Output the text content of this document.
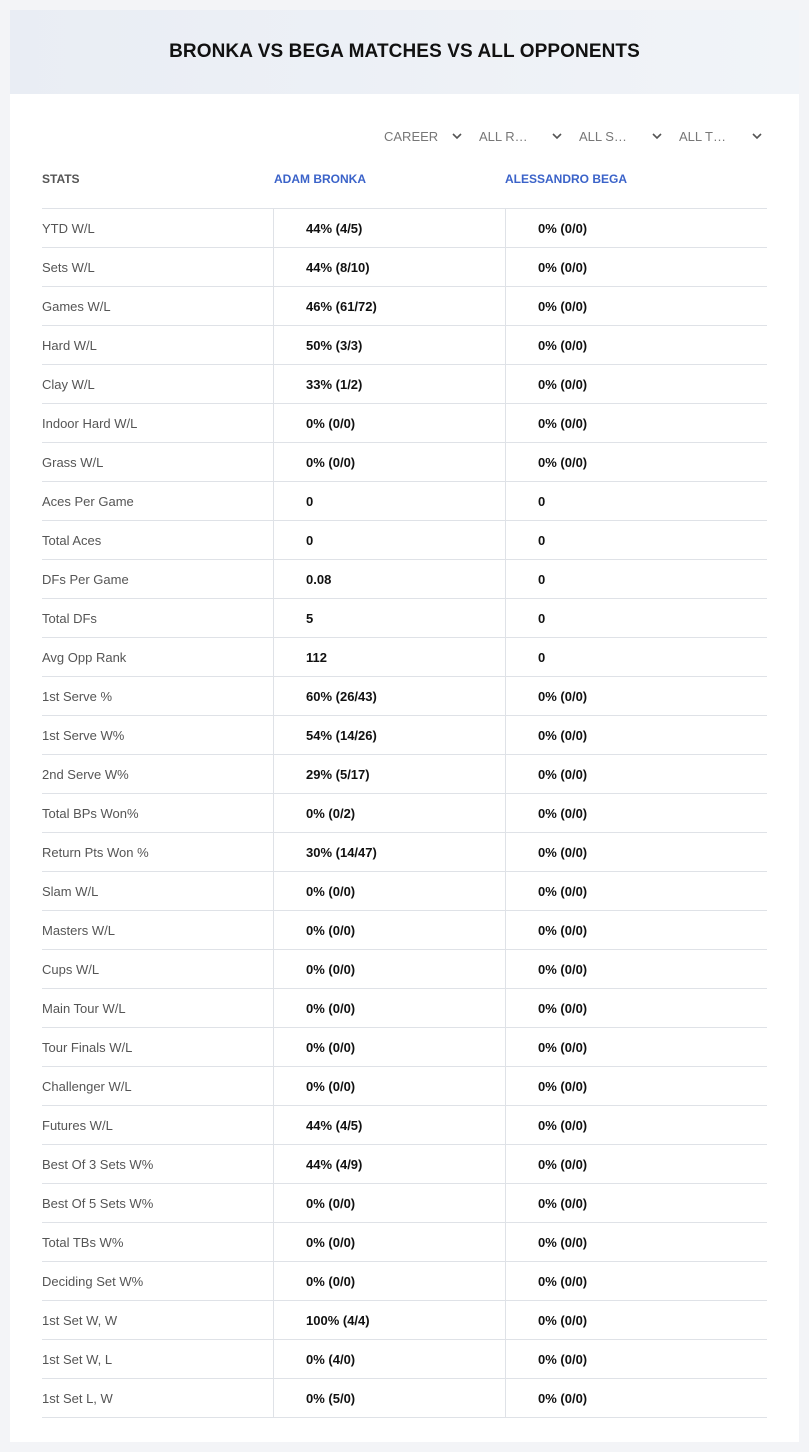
BRONKA VS BEGA MATCHES VS ALL OPPONENTS
CAREER	ALL R…	ALL S…	ALL T…
STATS	ADAM BRONKA	ALESSANDRO BEGA
YTD W/L	44% (4/5)	0% (0/0)
Sets W/L	44% (8/10)	0% (0/0)
Games W/L	46% (61/72)	0% (0/0)
Hard W/L	50% (3/3)	0% (0/0)
Clay W/L	33% (1/2)	0% (0/0)
Indoor Hard W/L	0% (0/0)	0% (0/0)
Grass W/L	0% (0/0)	0% (0/0)
Aces Per Game	0	0
Total Aces	0	0
DFs Per Game	0.08	0
Total DFs	5	0
Avg Opp Rank	112	0
1st Serve %	60% (26/43)	0% (0/0)
1st Serve W%	54% (14/26)	0% (0/0)
2nd Serve W%	29% (5/17)	0% (0/0)
Total BPs Won%	0% (0/2)	0% (0/0)
Return Pts Won %	30% (14/47)	0% (0/0)
Slam W/L	0% (0/0)	0% (0/0)
Masters W/L	0% (0/0)	0% (0/0)
Cups W/L	0% (0/0)	0% (0/0)
Main Tour W/L	0% (0/0)	0% (0/0)
Tour Finals W/L	0% (0/0)	0% (0/0)
Challenger W/L	0% (0/0)	0% (0/0)
Futures W/L	44% (4/5)	0% (0/0)
Best Of 3 Sets W%	44% (4/9)	0% (0/0)
Best Of 5 Sets W%	0% (0/0)	0% (0/0)
Total TBs W%	0% (0/0)	0% (0/0)
Deciding Set W%	0% (0/0)	0% (0/0)
1st Set W, W	100% (4/4)	0% (0/0)
1st Set W, L	0% (4/0)	0% (0/0)
1st Set L, W	0% (5/0)	0% (0/0)
